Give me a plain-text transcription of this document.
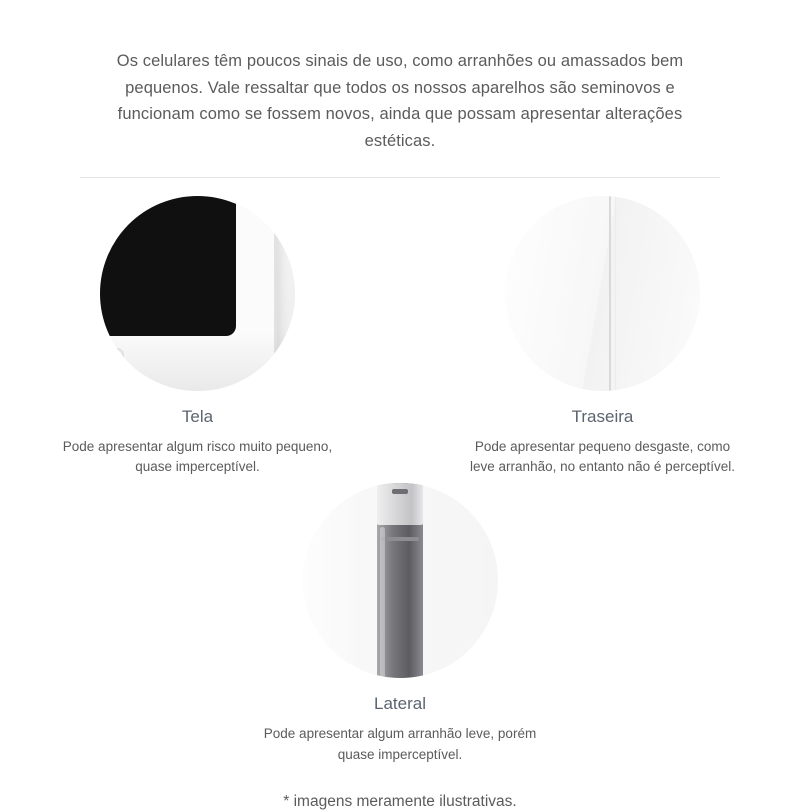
Os celulares têm poucos sinais de uso, como arranhões ou amassados bem pequenos. Vale ressaltar que todos os nossos aparelhos são seminovos e funcionam como se fossem novos, ainda que possam apresentar alterações estéticas.

Tela
Pode apresentar algum risco muito pequeno, quase imperceptível.
Traseira
Pode apresentar pequeno desgaste, como leve arranhão, no entanto não é perceptível.
Lateral
Pode apresentar algum arranhão leve, porém quase imperceptível.
* imagens meramente ilustrativas.
